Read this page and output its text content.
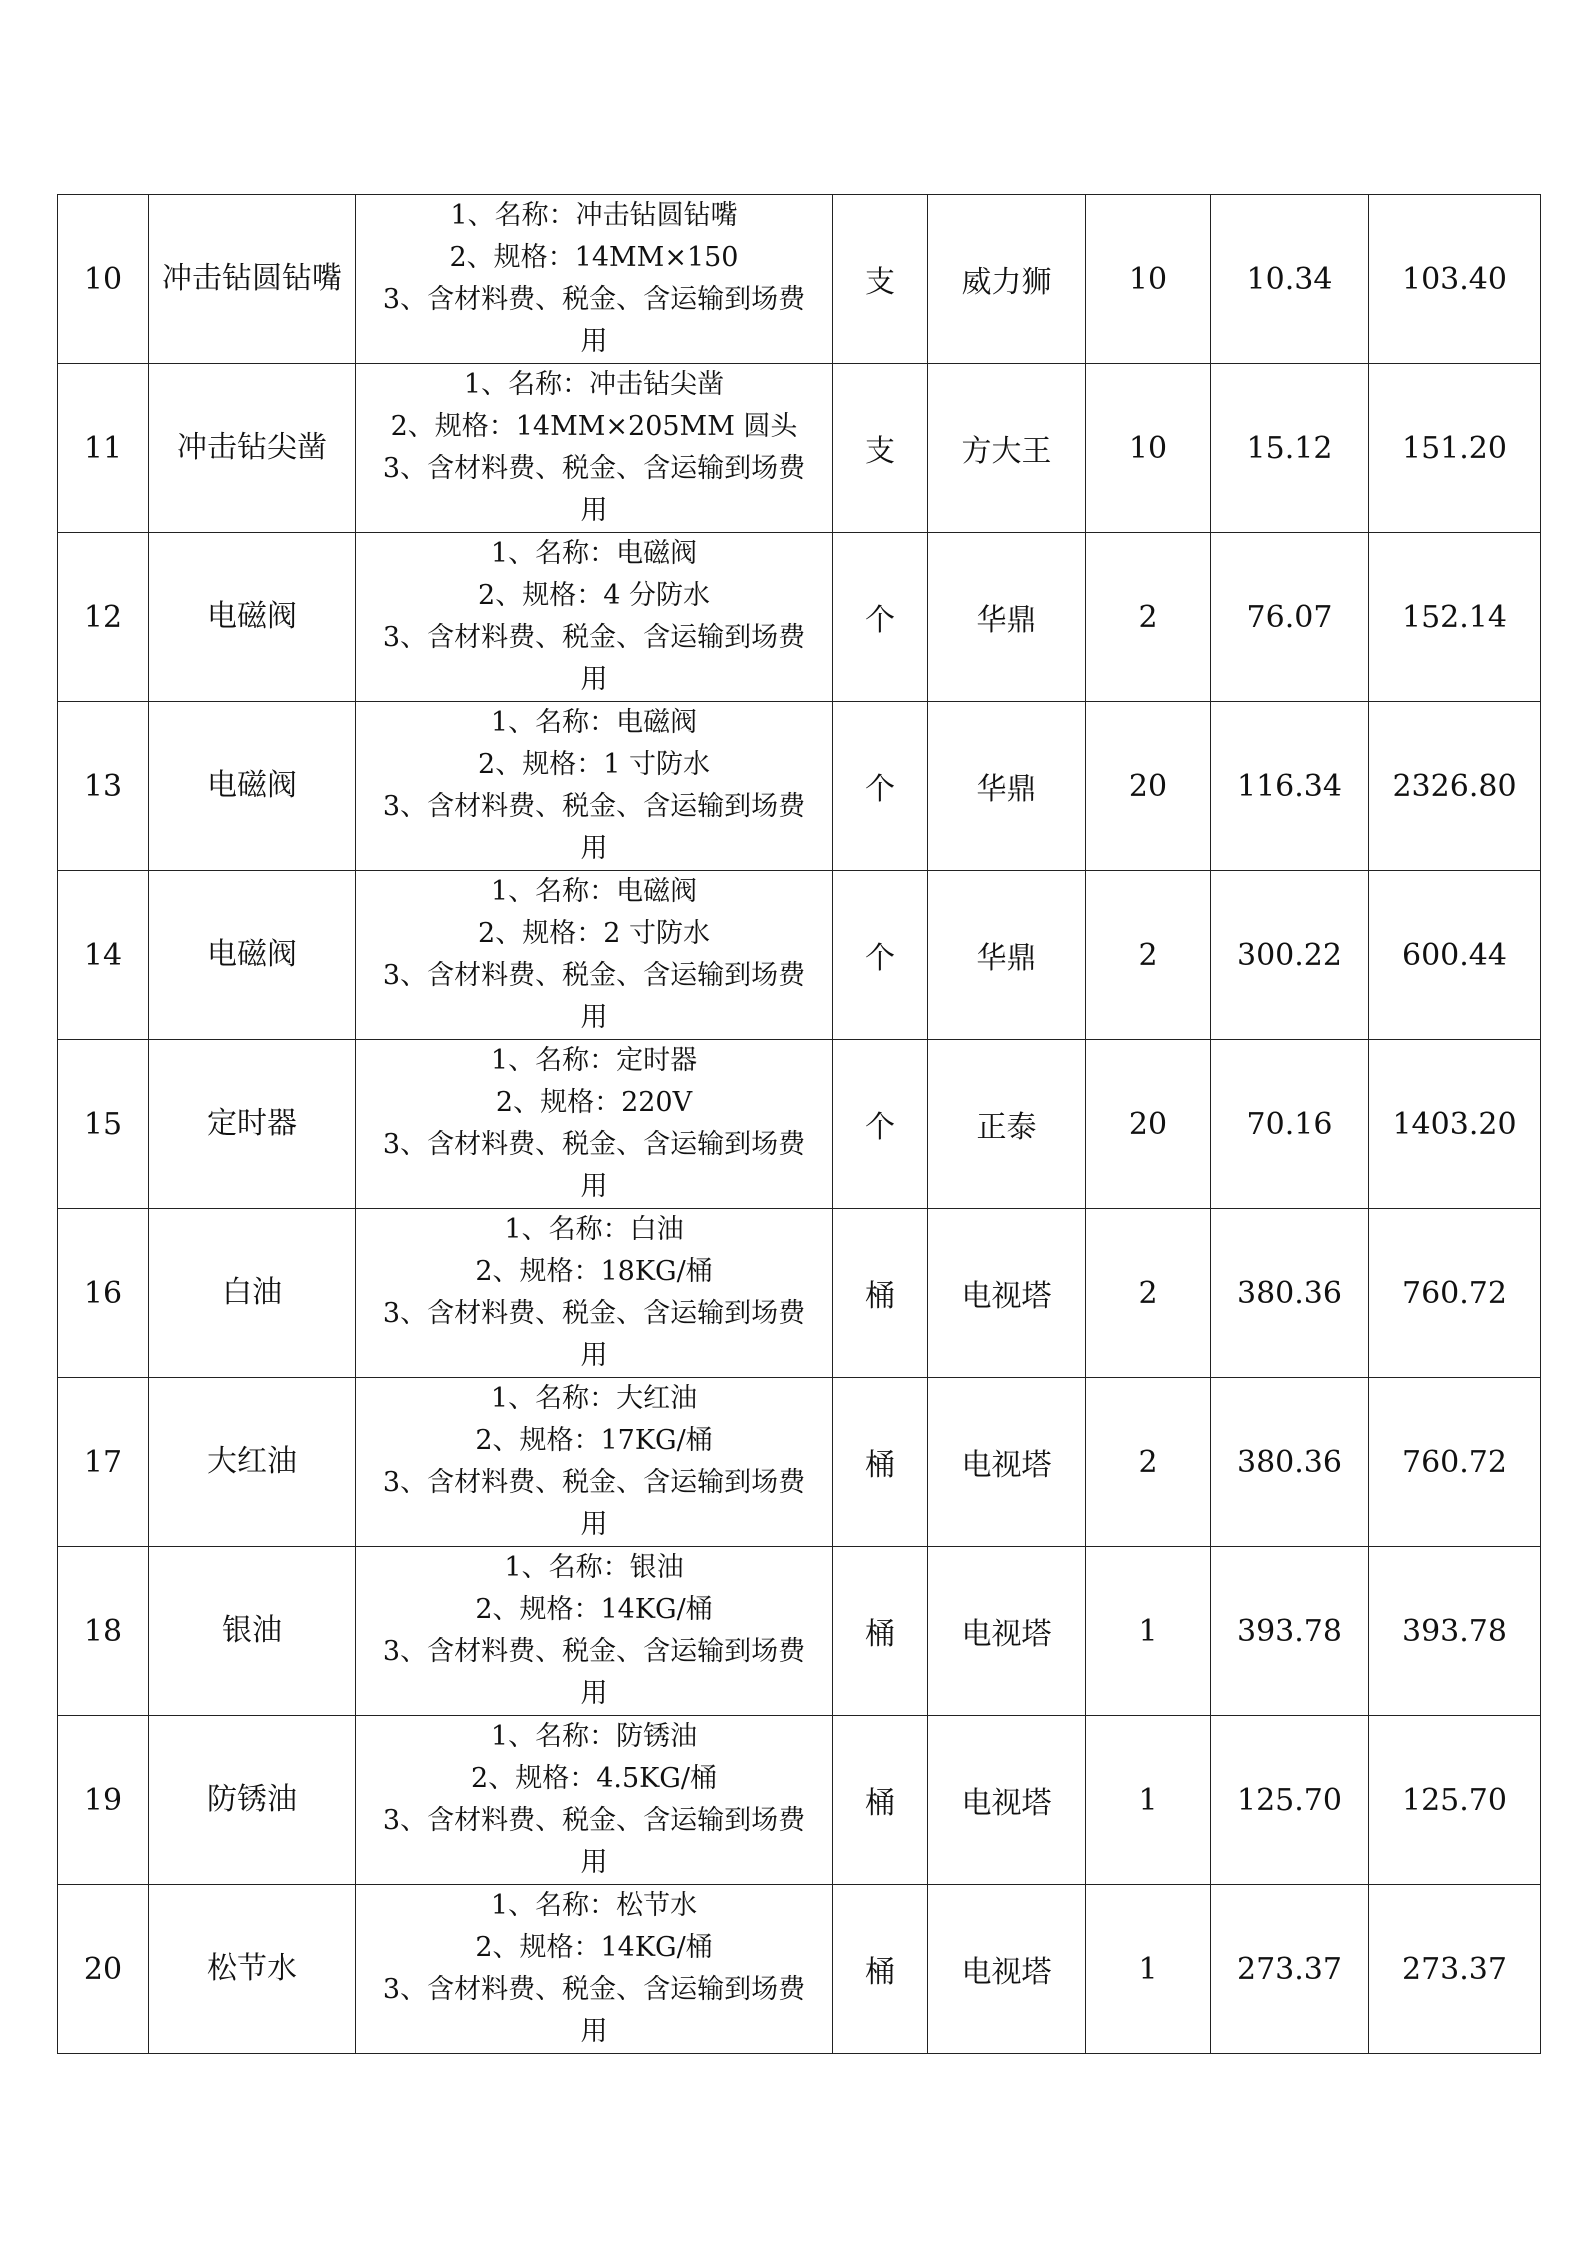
10	冲击钻圆钻嘴	1、名称：冲击钻圆钻嘴
2、规格：14MM×150
3、含材料费、税金、含运输到场费
用	支	威力狮	10	10.34	103.40
11	冲击钻尖凿	1、名称：冲击钻尖凿
2、规格：14MM×205MM 圆头
3、含材料费、税金、含运输到场费
用	支	方大王	10	15.12	151.20
12	电磁阀	1、名称：电磁阀
2、规格：4 分防水
3、含材料费、税金、含运输到场费
用	个	华鼎	2	76.07	152.14
13	电磁阀	1、名称：电磁阀
2、规格：1 寸防水
3、含材料费、税金、含运输到场费
用	个	华鼎	20	116.34	2326.80
14	电磁阀	1、名称：电磁阀
2、规格：2 寸防水
3、含材料费、税金、含运输到场费
用	个	华鼎	2	300.22	600.44
15	定时器	1、名称：定时器
2、规格：220V
3、含材料费、税金、含运输到场费
用	个	正泰	20	70.16	1403.20
16	白油	1、名称：白油
2、规格：18KG/桶
3、含材料费、税金、含运输到场费
用	桶	电视塔	2	380.36	760.72
17	大红油	1、名称：大红油
2、规格：17KG/桶
3、含材料费、税金、含运输到场费
用	桶	电视塔	2	380.36	760.72
18	银油	1、名称：银油
2、规格：14KG/桶
3、含材料费、税金、含运输到场费
用	桶	电视塔	1	393.78	393.78
19	防锈油	1、名称：防锈油
2、规格：4.5KG/桶
3、含材料费、税金、含运输到场费
用	桶	电视塔	1	125.70	125.70
20	松节水	1、名称：松节水
2、规格：14KG/桶
3、含材料费、税金、含运输到场费
用	桶	电视塔	1	273.37	273.37
